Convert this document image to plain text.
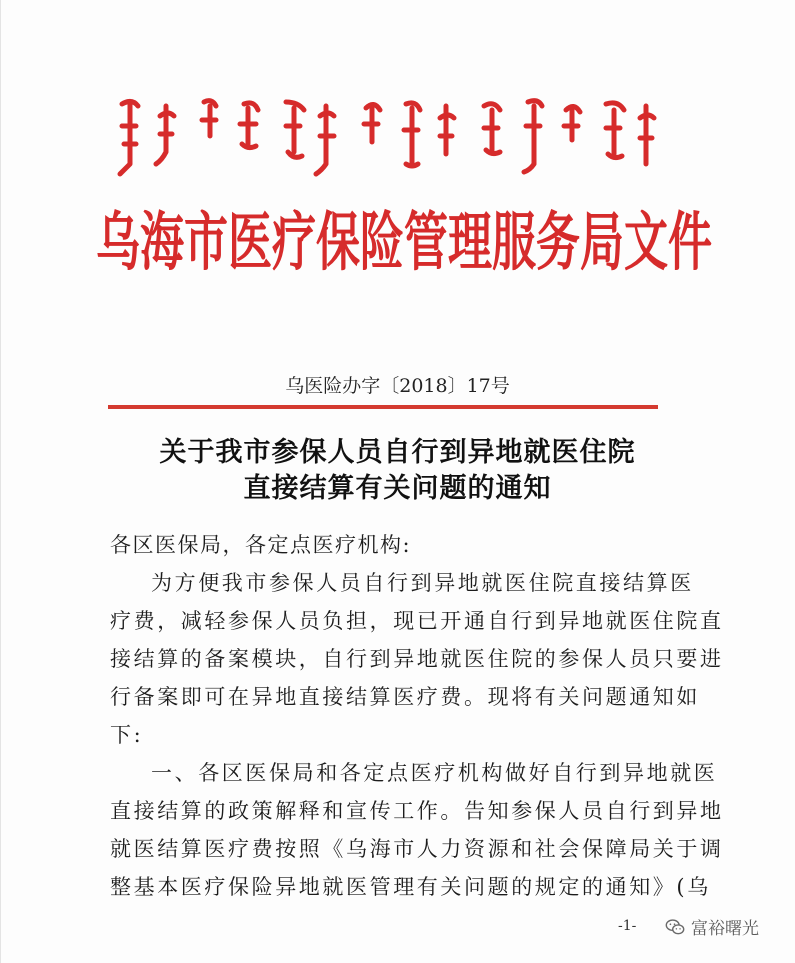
乌海市医疗保险管理服务局文件
乌医险办字〔2018〕17号
关于我市参保人员自行到异地就医住院
直接结算有关问题的通知
各区医保局，各定点医疗机构:
为方便我市参保人员自行到异地就医住院直接结算医
疗费，减轻参保人员负担，现已开通自行到异地就医住院直
接结算的备案模块，自行到异地就医住院的参保人员只要进
行备案即可在异地直接结算医疗费。现将有关问题通知如
下:
一、各区医保局和各定点医疗机构做好自行到异地就医
直接结算的政策解释和宣传工作。告知参保人员自行到异地
就医结算医疗费按照《乌海市人力资源和社会保障局关于调
整基本医疗保险异地就医管理有关问题的规定的通知》(乌
-1-	富裕曙光
